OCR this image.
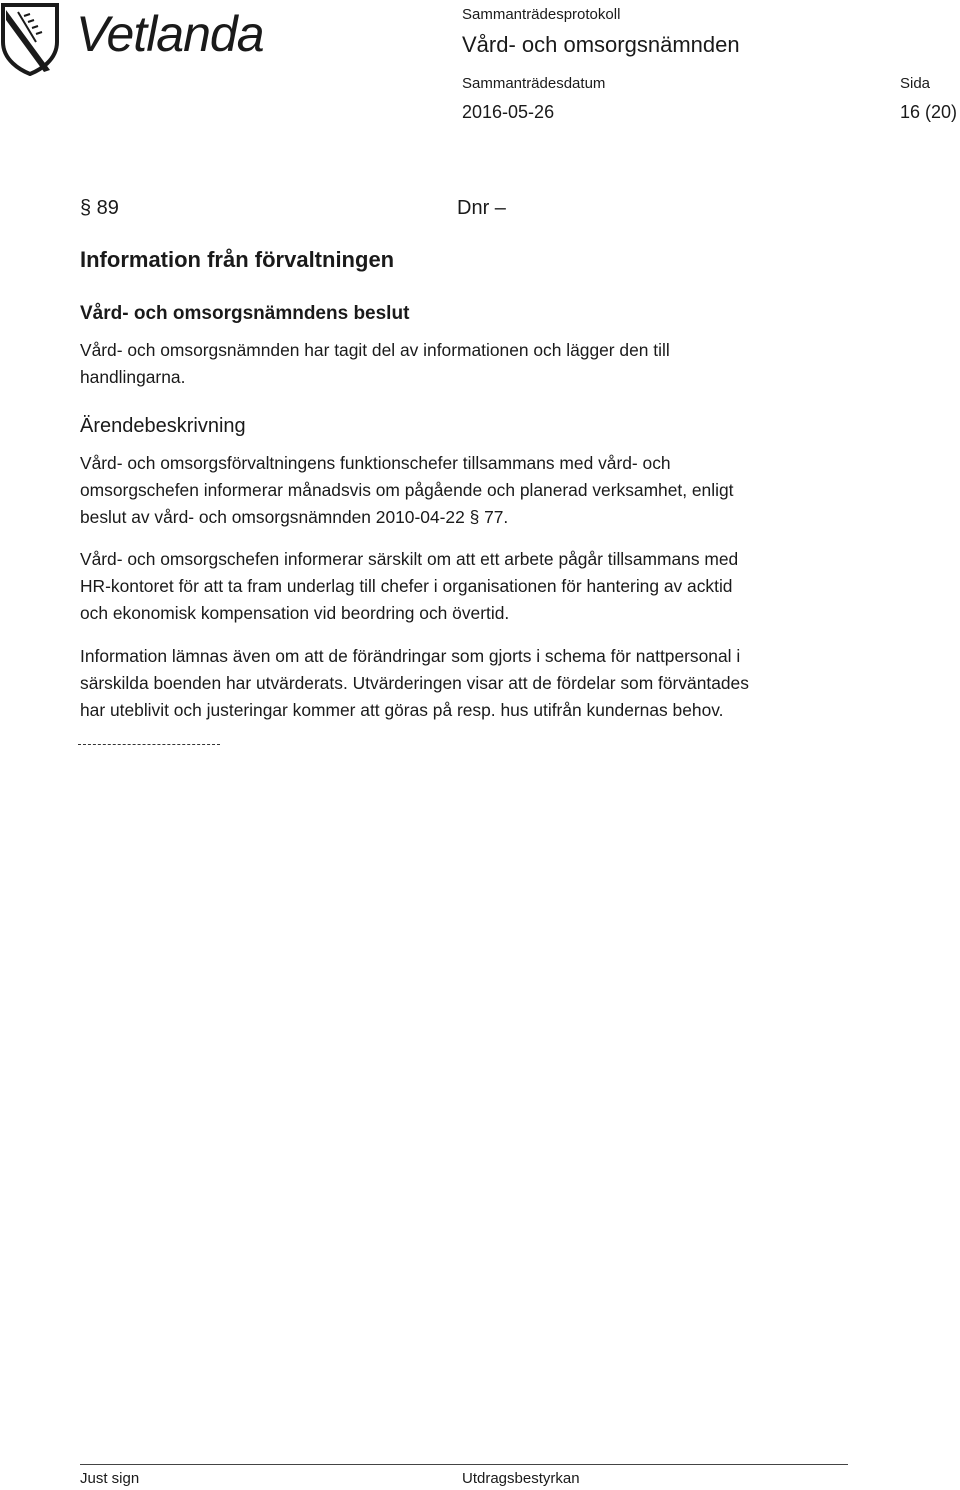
Vetlanda	Sammanträdesprotokoll
Vård- och omsorgsnämnden
Sammanträdesdatum
2016-05-26
Sida
16 (20)
§ 89	Dnr –
Information från förvaltningen
Vård- och omsorgsnämndens beslut
Vård- och omsorgsnämnden har tagit del av informationen och lägger den till
handlingarna.
Ärendebeskrivning
Vård- och omsorgsförvaltningens funktionschefer tillsammans med vård- och
omsorgschefen informerar månadsvis om pågående och planerad verksamhet, enligt
beslut av vård- och omsorgsnämnden 2010-04-22 § 77.
Vård- och omsorgschefen informerar särskilt om att ett arbete pågår tillsammans med
HR-kontoret för att ta fram underlag till chefer i organisationen för hantering av acktid
och ekonomisk kompensation vid beordring och övertid.
Information lämnas även om att de förändringar som gjorts i schema för nattpersonal i
särskilda boenden har utvärderats. Utvärderingen visar att de fördelar som förväntades
har uteblivit och justeringar kommer att göras på resp. hus utifrån kundernas behov.
Just sign	Utdragsbestyrkan
